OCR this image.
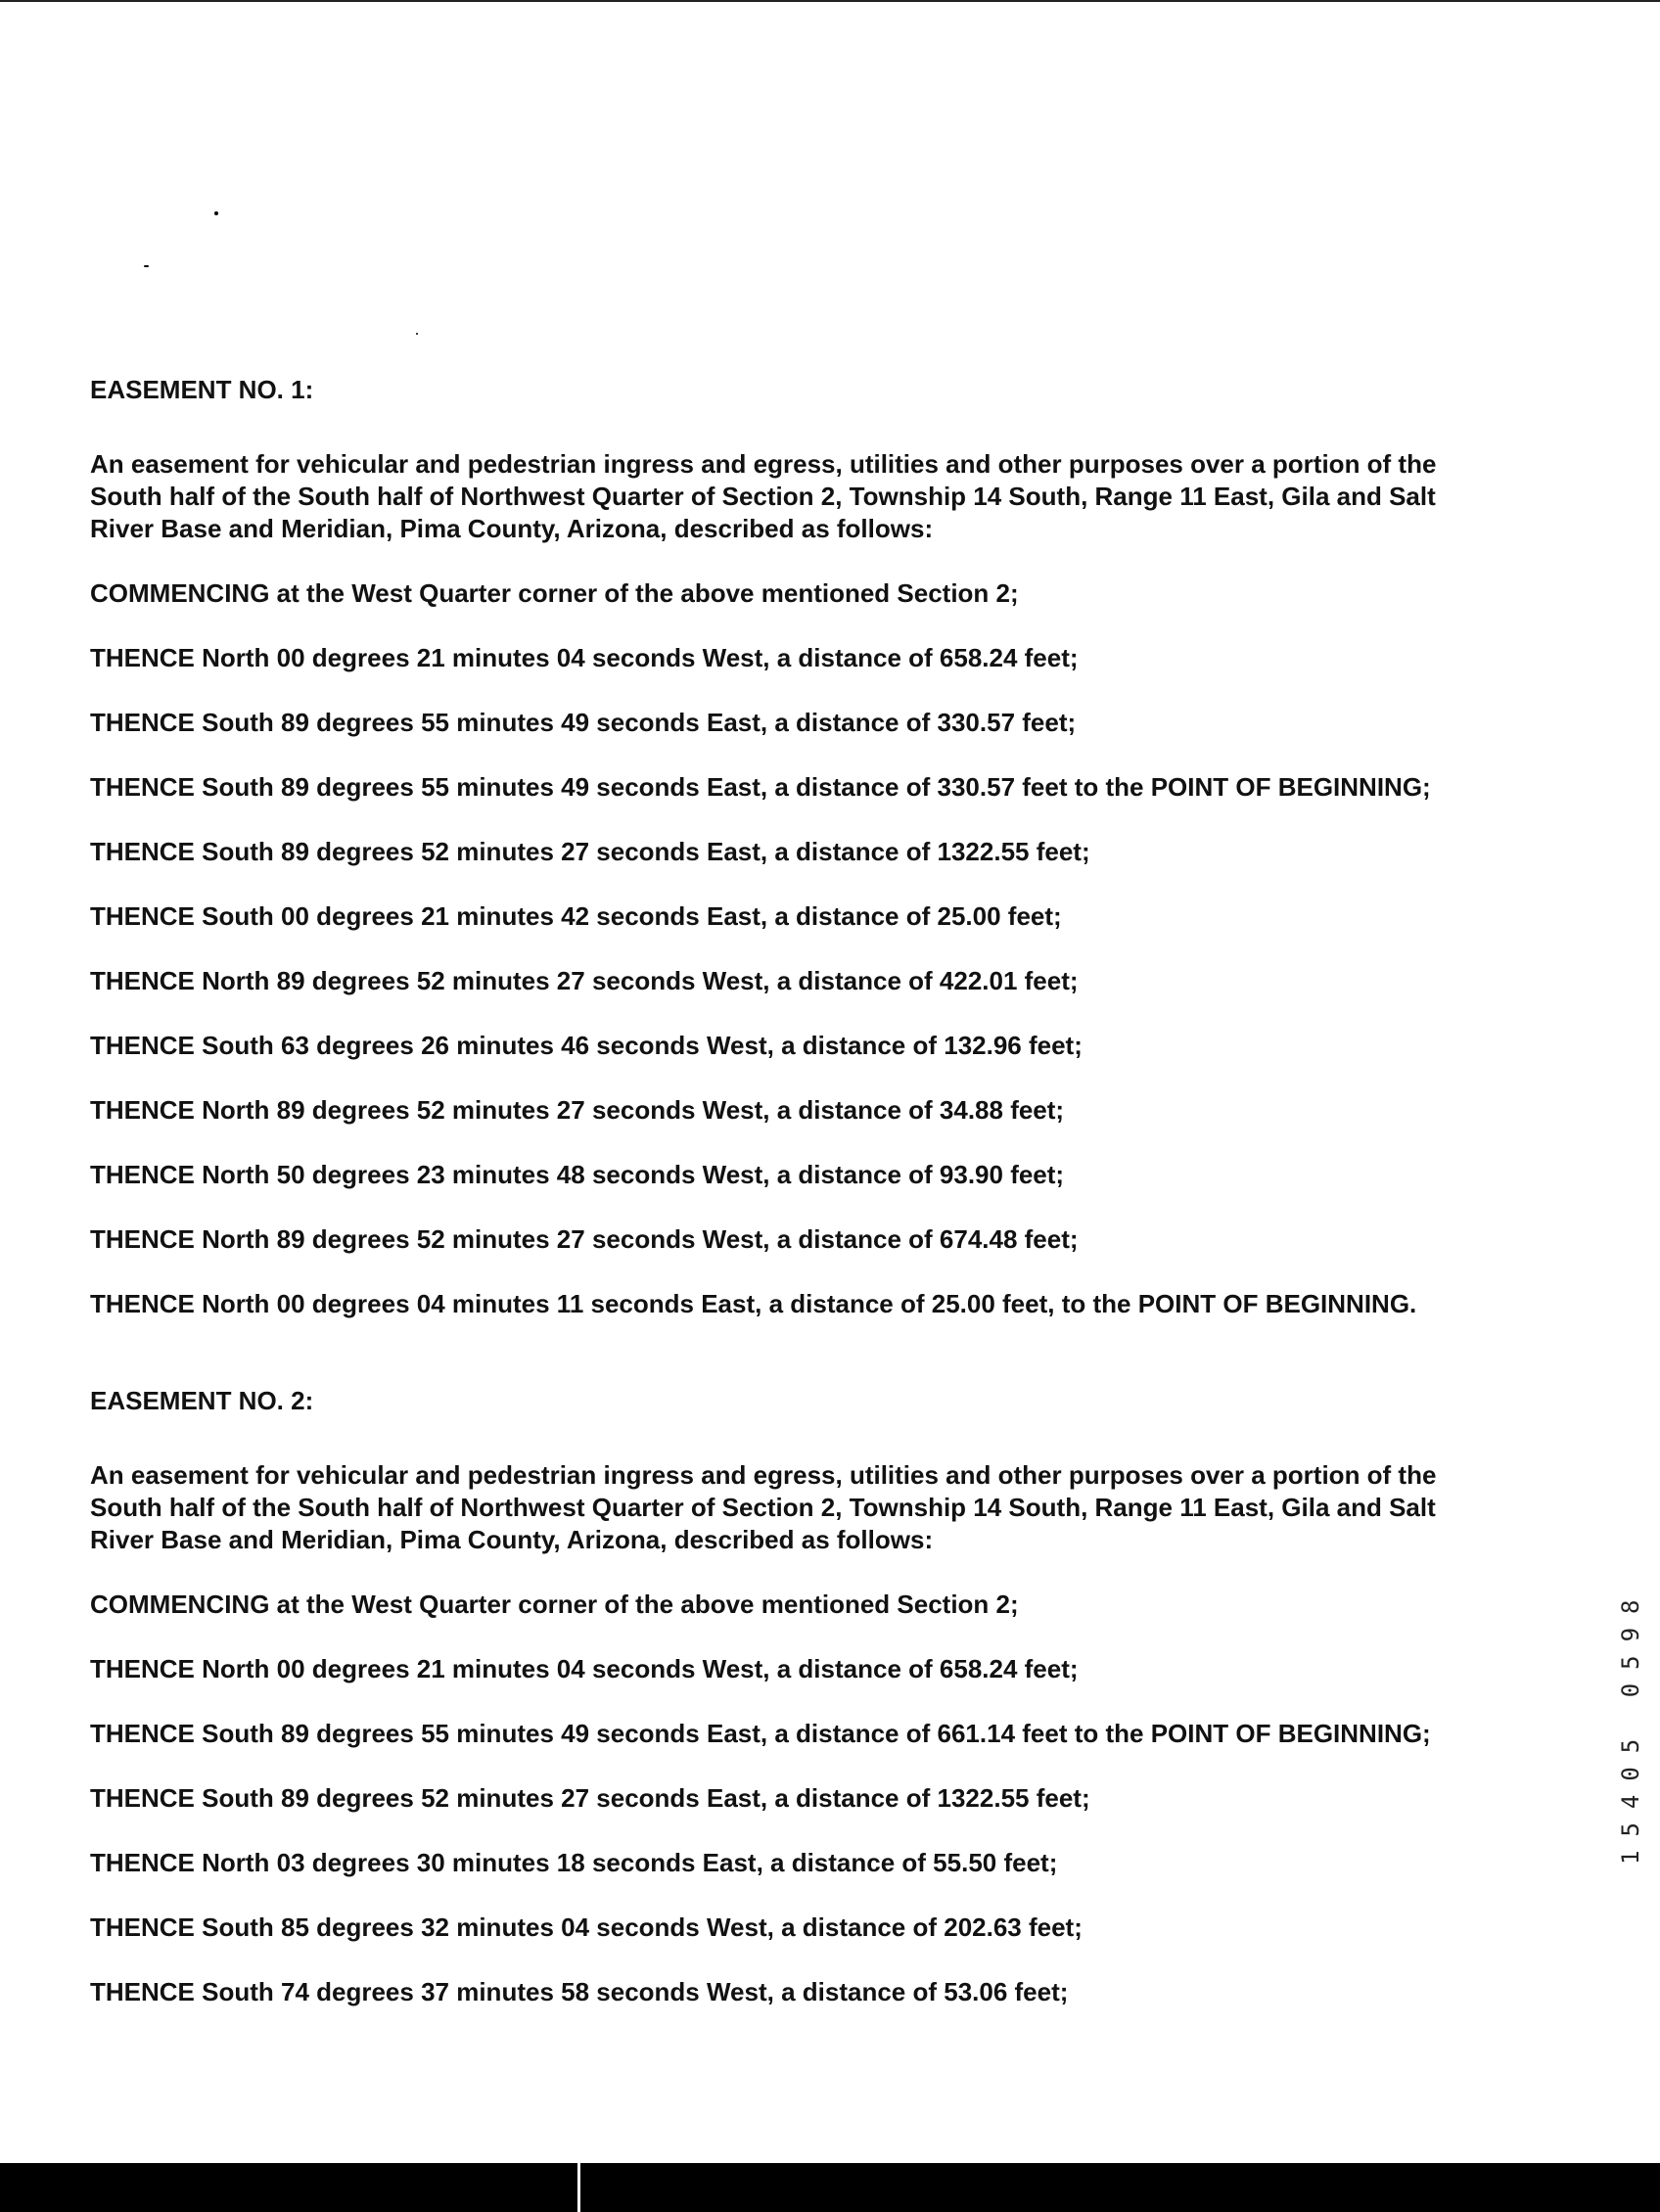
EASEMENT NO. 1:

An easement for vehicular and pedestrian ingress and egress, utilities and other purposes over a portion of the
South half of the South half of Northwest Quarter of Section 2, Township 14 South, Range 11 East, Gila and Salt
River Base and Meridian, Pima County, Arizona, described as follows:

COMMENCING at the West Quarter corner of the above mentioned Section 2;

THENCE North 00 degrees 21 minutes 04 seconds West, a distance of 658.24 feet;

THENCE South 89 degrees 55 minutes 49 seconds East, a distance of 330.57 feet;

THENCE South 89 degrees 55 minutes 49 seconds East, a distance of 330.57 feet to the POINT OF BEGINNING;

THENCE South 89 degrees 52 minutes 27 seconds East, a distance of 1322.55 feet;

THENCE South 00 degrees 21 minutes 42 seconds East, a distance of 25.00 feet;

THENCE North 89 degrees 52 minutes 27 seconds West, a distance of 422.01 feet;

THENCE South 63 degrees 26 minutes 46 seconds West, a distance of 132.96 feet;

THENCE North 89 degrees 52 minutes 27 seconds West, a distance of 34.88 feet;

THENCE North 50 degrees 23 minutes 48 seconds West, a distance of 93.90 feet;

THENCE North 89 degrees 52 minutes 27 seconds West, a distance of 674.48 feet;

THENCE North 00 degrees 04 minutes 11 seconds East, a distance of 25.00 feet, to the POINT OF BEGINNING.

EASEMENT NO. 2:

An easement for vehicular and pedestrian ingress and egress, utilities and other purposes over a portion of the
South half of the South half of Northwest Quarter of Section 2, Township 14 South, Range 11 East, Gila and Salt
River Base and Meridian, Pima County, Arizona, described as follows:

COMMENCING at the West Quarter corner of the above mentioned Section 2;

THENCE North 00 degrees 21 minutes 04 seconds West, a distance of 658.24 feet;

THENCE South 89 degrees 55 minutes 49 seconds East, a distance of 661.14 feet to the POINT OF BEGINNING;

THENCE South 89 degrees 52 minutes 27 seconds East, a distance of 1322.55 feet;

THENCE North 03 degrees 30 minutes 18 seconds East, a distance of 55.50 feet;

THENCE South 85 degrees 32 minutes 04 seconds West, a distance of 202.63 feet;

THENCE South 74 degrees 37 minutes 58 seconds West, a distance of 53.06 feet;

15405 0598
